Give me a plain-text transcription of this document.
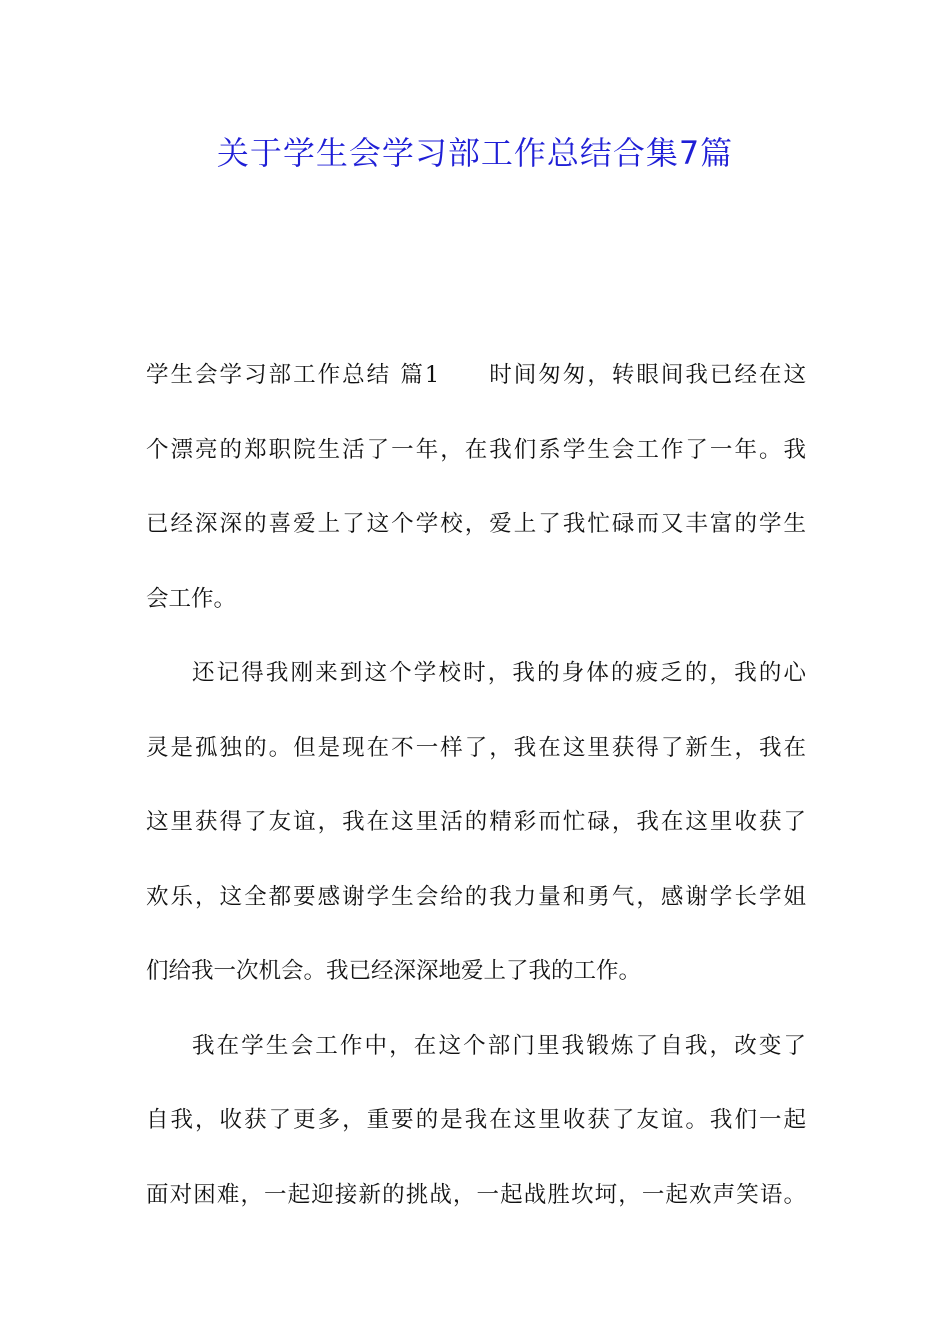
关于学生会学习部工作总结合集7篇
学生会学习部工作总结 篇1 时间匆匆，转眼间我已经在这
个漂亮的郑职院生活了一年，在我们系学生会工作了一年。我
已经深深的喜爱上了这个学校，爱上了我忙碌而又丰富的学生
会工作。
还记得我刚来到这个学校时，我的身体的疲乏的，我的心
灵是孤独的。但是现在不一样了，我在这里获得了新生，我在
这里获得了友谊，我在这里活的精彩而忙碌，我在这里收获了
欢乐，这全都要感谢学生会给的我力量和勇气，感谢学长学姐
们给我一次机会。我已经深深地爱上了我的工作。
我在学生会工作中，在这个部门里我锻炼了自我，改变了
自我，收获了更多，重要的是我在这里收获了友谊。我们一起
面对困难，一起迎接新的挑战，一起战胜坎坷，一起欢声笑语。
